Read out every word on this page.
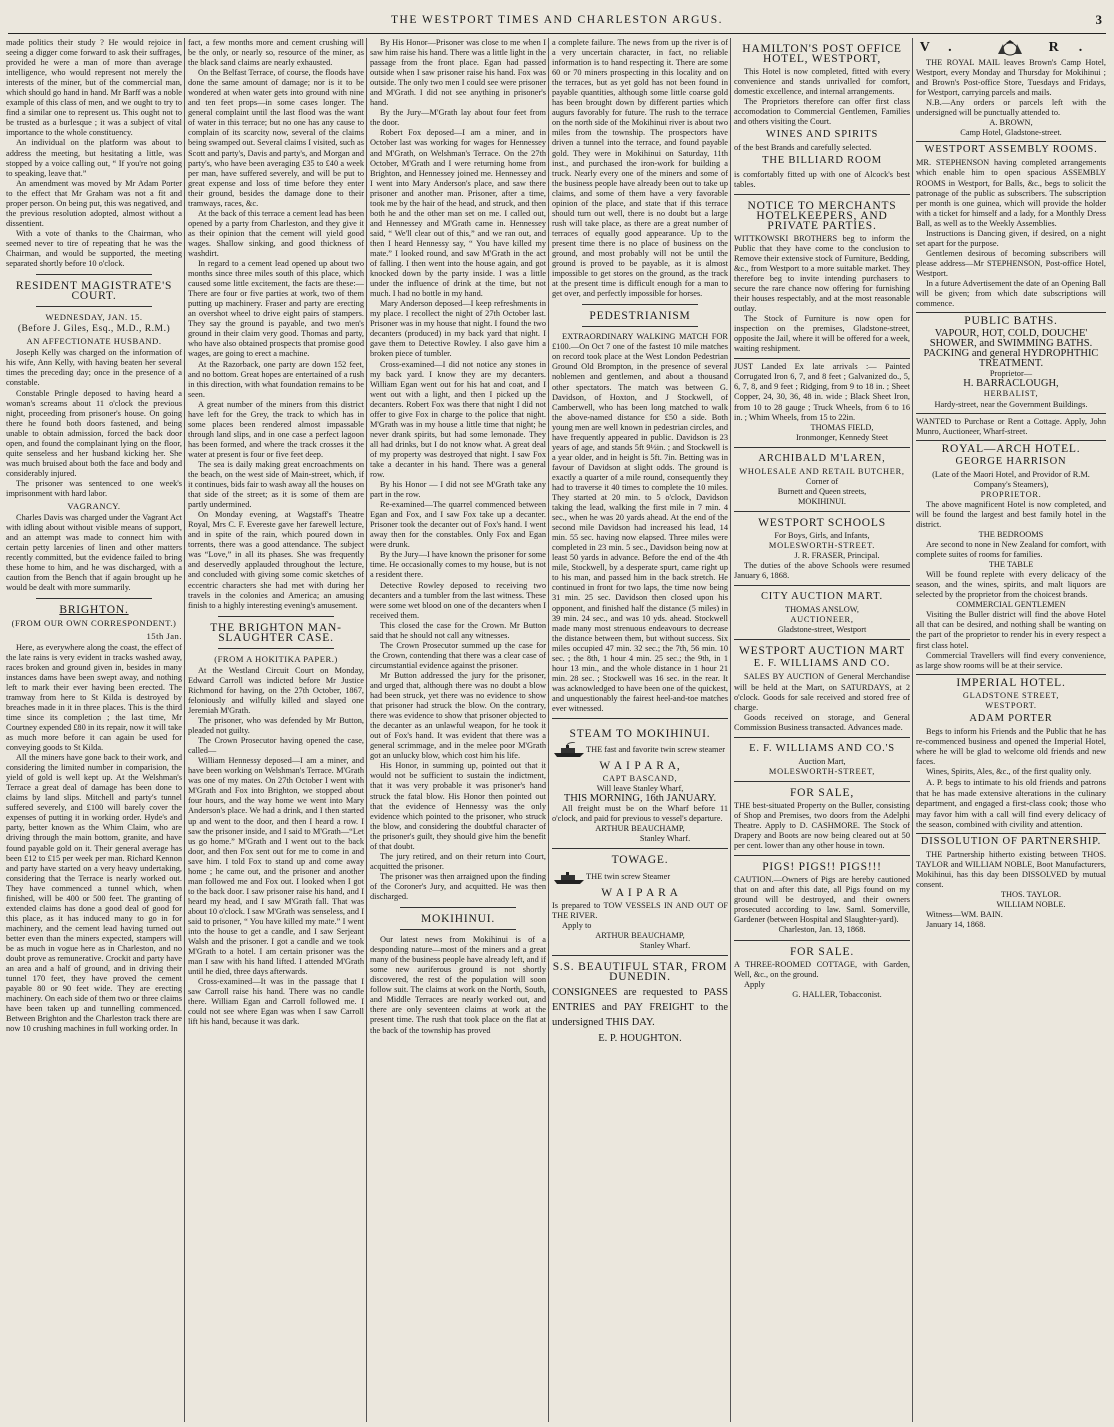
THE WESTPORT TIMES AND CHARLESTON ARGUS.	3

made politics their study ? He would rejoice in seeing a digger come forward to ask their suffrages, provided he were a man of more than average intelligence, who would represent not merely the interests of the miner, but of the commercial man, which should go hand in hand. Mr Barff was a noble example of this class of men, and we ought to try to find a similar one to represent us. This ought not to be trusted as a burlesque ; it was a subject of vital importance to the whole constituency.

An individual on the platform was about to address the meeting, but hesitating a little, was stopped by a voice calling out, “ If you're not going to speaking, leave that.”

An amendment was moved by Mr Adam Porter to the effect that Mr Graham was not a fit and proper person. On being put, this was negatived, and the previous resolution adopted, almost without a dissentient.

With a vote of thanks to the Chairman, who seemed never to tire of repeating that he was the Chairman, and would be supported, the meeting separated shortly before 10 o'clock.

RESIDENT MAGISTRATE'S COURT.
WEDNESDAY, JAN. 15.
(Before J. Giles, Esq., M.D., R.M.)
AN AFFECTIONATE HUSBAND.

Joseph Kelly was charged on the information of his wife, Ann Kelly, with having beaten her several times the preceding day; once in the presence of a constable.

Constable Pringle deposed to having heard a woman's screams about 11 o'clock the previous night, proceeding from prisoner's house. On going there he found both doors fastened, and being unable to obtain admission, forced the back door open, and found the complainant lying on the floor, quite senseless and her husband kicking her. She was much bruised about both the face and body and considerably injured.

The prisoner was sentenced to one week's imprisonment with hard labor.

VAGRANCY.

Charles Davis was charged under the Vagrant Act with idling about without visible means of support, and an attempt was made to connect him with certain petty larcenies of linen and other matters recently committed, but the evidence failed to bring these home to him, and he was discharged, with a caution from the Bench that if again brought up he would be dealt with more summarily.

BRIGHTON.
(FROM OUR OWN CORRESPONDENT.)
15th Jan.

Here, as everywhere along the coast, the effect of the late rains is very evident in tracks washed away, races broken and ground given in, besides in many instances dams have been swept away, and nothing left to mark their ever having been erected. The tramway from here to St Kilda is destroyed by breaches made in it in three places. This is the third time since its completion ; the last time, Mr Courtney expended £80 in its repair, now it will take as much more before it can again be used for conveying goods to St Kilda.

All the miners have gone back to their work, and considering the limited number in comparision, the yield of gold is well kept up. At the Welshman's Terrace a great deal of damage has been done to claims by land slips. Mitchell and party's tunnel suffered severely, and £100 will barely cover the expenses of putting it in working order. Hyde's and party, better known as the Whim Claim, who are driving through the main bottom, granite, and have found payable gold on it. Their general average has been £12 to £15 per week per man. Richard Kennon and party have started on a very heavy undertaking, considering that the Terrace is nearly worked out. They have commenced a tunnel which, when finished, will be 400 or 500 feet. The granting of extended claims has done a good deal of good for this place, as it has induced many to go in for machinery, and the cement lead having turned out better even than the miners expected, stampers will be as much in vogue here as in Charleston, and no doubt prove as remunerative. Crockit and party have an area and a half of ground, and in driving their tunnel 170 feet, they have proved the cement payable 80 or 90 feet wide. They are erecting machinery. On each side of them two or three claims have been taken up and tunnelling commenced. Between Brighton and the Charleston track there are now 10 crushing machines in full working order. In

fact, a few months more and cement crushing will be the only, or nearly so, resource of the miner, as the black sand claims are nearly exhausted.

On the Belfast Terrace, of course, the floods have done the same amount of damage; nor is it to be wondered at when water gets into ground with nine and ten feet props—in some cases longer. The general complaint until the last flood was the want of water in this terrace; but no one has any cause to complain of its scarcity now, several of the claims being swamped out. Several claims I visited, such as Scott and party's, Davis and party's, and Morgan and party's, who have been averaging £35 to £40 a week per man, have suffered severely, and will be put to great expense and loss of time before they enter their ground, besides the damage done to their tramways, races, &c.

At the back of this terrace a cement lead has been opened by a party from Charleston, and they give it as their opinion that the cement will yield good wages. Shallow sinking, and good thickness of washdirt.

In regard to a cement lead opened up about two months since three miles south of this place, which caused some little excitement, the facts are these:—There are four or five parties at work, two of them putting up machinery. Fraser and party are erecting an overshot wheel to drive eight pairs of stampers. They say the ground is payable, and two men's ground in their claim very good. Thomas and party, who have also obtained prospects that promise good wages, are going to erect a machine.

At the Razorback, one party are down 152 feet, and no bottom. Great hopes are entertained of a rush in this direction, with what foundation remains to be seen.

A great number of the miners from this district have left for the Grey, the track to which has in some places been rendered almost impassable through land slips, and in one case a perfect lagoon has been formed, and where the track crosses it the water at present is four or five feet deep.

The sea is daily making great encroachments on the beach, on the west side of Main-street, which, if it continues, bids fair to wash away all the houses on that side of the street; as it is some of them are partly undermined.

On Monday evening, at Wagstaff's Theatre Royal, Mrs C. F. Evereste gave her farewell lecture, and in spite of the rain, which poured down in torrents, there was a good attendance. The subject was “Love,” in all its phases. She was frequently and deservedly applauded throughout the lecture, and concluded with giving some comic sketches of eccentric characters she had met with during her travels in the colonies and America; an amusing finish to a highly interesting evening's amusement.

THE BRIGHTON MAN-SLAUGHTER CASE.
(FROM A HOKITIKA PAPER.)

At the Westland Circuit Court on Monday, Edward Carroll was indicted before Mr Justice Richmond for having, on the 27th October, 1867, feloniously and wilfully killed and slayed one Jeremiah M'Grath.

The prisoner, who was defended by Mr Button, pleaded not guilty.

The Crown Prosecutor having opened the case, called—

William Hennessy deposed—I am a miner, and have been working on Welshman's Terrace. M'Grath was one of my mates. On 27th October I went with M'Grath and Fox into Brighton, we stopped about four hours, and the way home we went into Mary Anderson's place. We had a drink, and I then started up and went to the door, and then I heard a row. I saw the prisoner inside, and I said to M'Grath—“Let us go home.” M'Grath and I went out to the back door, and then Fox sent out for me to come in and save him. I told Fox to stand up and come away home ; he came out, and the prisoner and another man followed me and Fox out. I looked when I got to the back door. I saw prisoner raise his hand, and I heard my head, and I saw M'Grath fall. That was about 10 o'clock. I saw M'Grath was senseless, and I said to prisoner, “ You have killed my mate.” I went into the house to get a candle, and I saw Serjeant Walsh and the prisoner. I got a candle and we took M'Grath to a hotel. I am certain prisoner was the man I saw with his hand lifted. I attended M'Grath until he died, three days afterwards.

Cross-examined—It was in the passage that I saw Carroll raise his hand. There was no candle there. William Egan and Carroll followed me. I could not see where Egan was when I saw Carroll lift his hand, because it was dark.

By His Honor—Prisoner was close to me when I saw him raise his hand. There was a little light in the passage from the front place. Egan had passed outside when I saw prisoner raise his hand. Fox was outside. The only two men I could see were prisoner and M'Grath. I did not see anything in prisoner's hand.

By the Jury—M'Grath lay about four feet from the door.

Robert Fox deposed—I am a miner, and in October last was working for wages for Hennessey and M'Grath, on Welshman's Terrace. On the 27th October, M'Grath and I were returning home from Brighton, and Hennessey joined me. Hennessey and I went into Mary Anderson's place, and saw there prisoner and another man. Prisoner, after a time, took me by the hair of the head, and struck, and then both he and the other man set on me. I called out, and Hennessey and M'Grath came in. Hennessey said, “ We'll clear out of this,” and we ran out, and then I heard Hennessy say, “ You have killed my mate.” I looked round, and saw M'Grath in the act of falling. I then went into the house again, and got knocked down by the party inside. I was a little under the influence of drink at the time, but not much. I had no bottle in my hand.

Mary Anderson deposed—I keep refreshments in my place. I recollect the night of 27th October last. Prisoner was in my house that night. I found the two decanters (produced) in my back yard that night. I gave them to Detective Rowley. I also gave him a broken piece of tumbler.

Cross-examined—I did not notice any stones in my back yard. I know they are my decanters. William Egan went out for his hat and coat, and I went out with a light, and then I picked up the decanters. Robert Fox was there that night I did not offer to give Fox in charge to the police that night. M'Grath was in my house a little time that night; he never drank spirits, but had some lemonade. They all had drinks, but I do not know what. A great deal of my property was destroyed that night. I saw Fox take a decanter in his hand. There was a general row.

By his Honor — I did not see M'Grath take any part in the row.

Re-examined—The quarrel commenced between Egan and Fox, and I saw Fox take up a decanter. Prisoner took the decanter out of Fox's hand. I went away then for the constables. Only Fox and Egan were drunk.

By the Jury—I have known the prisoner for some time. He occasionally comes to my house, but is not a resident there.

Detective Rowley deposed to receiving two decanters and a tumbler from the last witness. These were some wet blood on one of the decanters when I received them.

This closed the case for the Crown. Mr Button said that he should not call any witnesses.

The Crown Prosecutor summed up the case for the Crown, contending that there was a clear case of circumstantial evidence against the prisoner.

Mr Button addressed the jury for the prisoner, and urged that, although there was no doubt a blow had been struck, yet there was no evidence to show that prisoner had struck the blow. On the contrary, there was evidence to show that prisoner objected to the decanter as an unlawful weapon, for he took it out of Fox's hand. It was evident that there was a general scrimmage, and in the melee poor M'Grath got an unlucky blow, which cost him his life.

His Honor, in summing up, pointed out that it would not be sufficient to sustain the indictment, that it was very probable it was prisoner's hand struck the fatal blow. His Honor then pointed out that the evidence of Hennessy was the only evidence which pointed to the prisoner, who struck the blow, and considering the doubtful character of the prisoner's guilt, they should give him the benefit of that doubt.

The jury retired, and on their return into Court, acquitted the prisoner.

The prisoner was then arraigned upon the finding of the Coroner's Jury, and acquitted. He was then discharged.

MOKIHINUI.

Our latest news from Mokihinui is of a desponding nature—most of the miners and a great many of the business people have already left, and if some new auriferous ground is not shortly discovered, the rest of the population will soon follow suit. The claims at work on the North, South, and Middle Terraces are nearly worked out, and there are only seventeen claims at work at the present time. The rush that took place on the flat at the back of the township has proved

a complete failure. The news from up the river is of a very uncertain character, in fact, no reliable information is to hand respecting it. There are some 60 or 70 miners prospecting in this locality and on the terraces, but as yet gold has not been found in payable quantities, although some little coarse gold has been brought down by different parties which augurs favorably for future. The rush to the terrace on the north side of the Mokihinui river is about two miles from the township. The prospectors have driven a tunnel into the terrace, and found payable gold. They were in Mokihinui on Saturday, 11th inst., and purchased the iron-work for building a truck. Nearly every one of the miners and some of the business people have already been out to take up claims, and some of them have a very favorable opinion of the place, and state that if this terrace should turn out well, there is no doubt but a large rush will take place, as there are a great number of terraces of equally good appearance. Up to the present time there is no place of business on the ground, and most probably will not be until the ground is proved to be payable, as it is almost impossible to get stores on the ground, as the track at the present time is difficult enough for a man to get over, and perfectly impossible for horses.

PEDESTRIANISM

EXTRAORDINARY WALKING MATCH FOR £100.—On Oct 7 one of the fastest 10 mile matches on record took place at the West London Pedestrian Ground Old Brompton, in the presence of several noblemen and gentlemen, and about a thousand other spectators. The match was between G. Davidson, of Hoxton, and J Stockwell, of Camberwell, who has been long matched to walk the above-named distance for £50 a side. Both young men are well known in pedestrian circles, and have frequently appeared in public. Davidson is 23 years of age, and stands 5ft 9½in. ; and Stockwell is a year older, and in height is 5ft. 7in. Betting was in favour of Davidson at slight odds. The ground is exactly a quarter of a mile round, consequently they had to traverse it 40 times to complete the 10 miles. They started at 20 min. to 5 o'clock, Davidson taking the lead, walking the first mile in 7 min. 4 sec., when he was 20 yards ahead. At the end of the second mile Davidson had increased his lead, 14 min. 55 sec. having now elapsed. Three miles were completed in 23 min. 5 sec., Davidson being now at least 50 yards in advance. Before the end of the 4th mile, Stockwell, by a desperate spurt, came right up to his man, and passed him in the back stretch. He continued in front for two laps, the time now being 31 min. 25 sec. Davidson then closed upon his opponent, and finished half the distance (5 miles) in 39 min. 24 sec., and was 10 yds. ahead. Stockwell made many most strenuous endeavours to decrease the distance between them, but without success. Six miles occupied 47 min. 32 sec.; the 7th, 56 min. 10 sec. ; the 8th, 1 hour 4 min. 25 sec.; the 9th, in 1 hour 13 min., and the whole distance in 1 hour 21 min. 28 sec. ; Stockwell was 16 sec. in the rear. It was acknowledged to have been one of the quickest, and unquestionably the fairest heel-and-toe matches ever witnessed.

STEAM TO MOKIHINUI.

THE fast and favorite twin screw steamer

W A I P A R A,
CAPT BASCAND,

Will leave Stanley Wharf,

THIS MORNING, 16th JANUARY.

All freight must be on the Wharf before 11 o'clock, and paid for previous to vessel's departure.

ARTHUR BEAUCHAMP,

Stanley Wharf.

TOWAGE.

THE twin screw Steamer

W A I P A R A

Is prepared to TOW VESSELS IN AND OUT OF THE RIVER.

Apply to

ARTHUR BEAUCHAMP,

Stanley Wharf.

S.S. BEAUTIFUL STAR, FROM DUNEDIN.

CONSIGNEES are requested to PASS ENTRIES and PAY FREIGHT to the undersigned THIS DAY.

E. P. HOUGHTON.

HAMILTON'S POST OFFICE HOTEL, WESTPORT,

This Hotel is now completed, fitted with every convenience and stands unrivalled for comfort, domestic excellence, and internal arrangements.

The Proprietors therefore can offer first class accomodation to Commercial Gentlemen, Families and others visiting the Court.

WINES AND SPIRITS

of the best Brands and carefully selected.

THE BILLIARD ROOM

is comfortably fitted up with one of Alcock's best tables.

NOTICE TO MERCHANTS HOTELKEEPERS, AND PRIVATE PARTIES.

WITTKOWSKI BROTHERS beg to inform the Public that they have come to the conclusion to Remove their extensive stock of Furniture, Bedding, &c., from Westport to a more suitable market. They therefore beg to invite intending purchasers to secure the rare chance now offering for furnishing their houses respectably, and at the most reasonable outlay.

The Stock of Furniture is now open for inspection on the premises, Gladstone-street, opposite the Jail, where it will be offered for a week, waiting reshipment.

JUST Landed Ex late arrivals :— Painted Corrugated Iron 6, 7, and 8 feet ; Galvanized do., 5, 6, 7, 8, and 9 feet ; Ridging, from 9 to 18 in. ; Sheet Copper, 24, 30, 36, 48 in. wide ; Black Sheet Iron, from 10 to 28 gauge ; Truck Wheels, from 6 to 16 in. ; Whim Wheels, from 15 to 22in.

THOMAS FIELD,

Ironmonger, Kennedy Steet

ARCHIBALD M'LAREN,
WHOLESALE AND RETAIL BUTCHER,

Corner of

Burnett and Queen streets,

MOKIHINUI.

WESTPORT SCHOOLS

For Boys, Girls, and Infants,

MOLESWORTH-STREET.

J. R. FRASER, Principal.

The duties of the above Schools were resumed January 6, 1868.

CITY AUCTION MART.

THOMAS ANSLOW,

AUCTIONEER,

Gladstone-street, Westport

WESTPORT AUCTION MART
E. F. WILLIAMS AND CO.

SALES BY AUCTION of General Merchandise will be held at the Mart, on SATURDAYS, at 2 o'clock. Goods for sale received and stored free of charge.

Goods received on storage, and General Commission Business transacted. Advances made.

E. F. WILLIAMS AND CO.'S

Auction Mart,

MOLESWORTH-STREET,

FOR SALE,

THE best-situated Property on the Buller, consisting of Shop and Premises, two doors from the Adelphi Theatre. Apply to D. CASHMORE. The Stock of Drapery and Boots are now being cleared out at 50 per cent. lower than any other house in town.

PIGS! PIGS!! PIGS!!!

CAUTION.—Owners of Pigs are hereby cautioned that on and after this date, all Pigs found on my ground will be destroyed, and their owners prosecuted according to law. Saml. Somerville, Gardener (between Hospital and Slaughter-yard).

Charleston, Jan. 13, 1868.

FOR SALE.

A THREE-ROOMED COTTAGE, with Garden, Well, &c., on the ground.

Apply

G. HALLER, Tobacconist.

V.	R.

THE ROYAL MAIL leaves Brown's Camp Hotel, Westport, every Monday and Thursday for Mokihinui ; and Brown's Post-office Store, Tuesdays and Fridays, for Westport, carrying parcels and mails.

N.B.—Any orders or parcels left with the undersigned will be punctually attended to.

A. BROWN,

Camp Hotel, Gladstone-street.

WESTPORT ASSEMBLY ROOMS.

MR. STEPHENSON having completed arrangements which enable him to open spacious ASSEMBLY ROOMS in Westport, for Balls, &c., begs to solicit the patronage of the public as subscribers. The subscription per month is one guinea, which will provide the holder with a ticket for himself and a lady, for a Monthly Dress Ball, as well as to the Weekly Assemblies.

Instructions is Dancing given, if desired, on a night set apart for the purpose.

Gentlemen desirous of becoming subscribers will please address—Mr STEPHENSON, Post-office Hotel, Westport.

In a future Advertisement the date of an Opening Ball will be given; from which date subscriptions will commence.

PUBLIC BATHS.

VAPOUR, HOT, COLD, DOUCHE' SHOWER, and SWIMMING BATHS.

PACKING and general HYDROPHTHIC TREATMENT.

Proprietor—

H. BARRACLOUGH,

HERBALIST,

Hardy-street, near the Government Buildings.

WANTED to Purchase or Rent a Cottage. Apply, John Munro, Auctioneer, Wharf-street.

ROYAL—ARCH HOTEL.
GEORGE HARRISON

(Late of the Maori Hotel, and Providor of R.M. Company's Steamers),

PROPRIETOR.

The above magnificent Hotel is now completed, and will be found the largest and best family hotel in the district.

THE BEDROOMS

Are second to none in New Zealand for comfort, with complete suites of rooms for families.

THE TABLE

Will be found replete with every delicacy of the season, and the wines, spirits, and malt liquors are selected by the proprietor from the choicest brands.

COMMERCIAL GENTLEMEN

Visiting the Buller district will find the above Hotel all that can be desired, and nothing shall be wanting on the part of the proprietor to render his in every respect a first class hotel.

Commercial Travellers will find every convenience, as large show rooms will be at their service.

IMPERIAL HOTEL.

GLADSTONE STREET,

WESTPORT.

ADAM PORTER

Begs to inform his Friends and the Public that he has re-commenced business and opened the Imperial Hotel, where he will be glad to welcome old friends and new faces.

Wines, Spirits, Ales, &c., of the first quality only.

A. P. begs to intimate to his old friends and patrons that he has made extensive alterations in the culinary department, and engaged a first-class cook; those who may favor him with a call will find every delicacy of the season, combined with civility and attention.

DISSOLUTION OF PARTNERSHIP.

THE Partnership hitherto existing between THOS. TAYLOR and WILLIAM NOBLE, Boot Manufacturers, Mokihinui, has this day been DISSOLVED by mutual consent.

THOS. TAYLOR.

WILLIAM NOBLE.

Witness—WM. BAIN.

January 14, 1868.
